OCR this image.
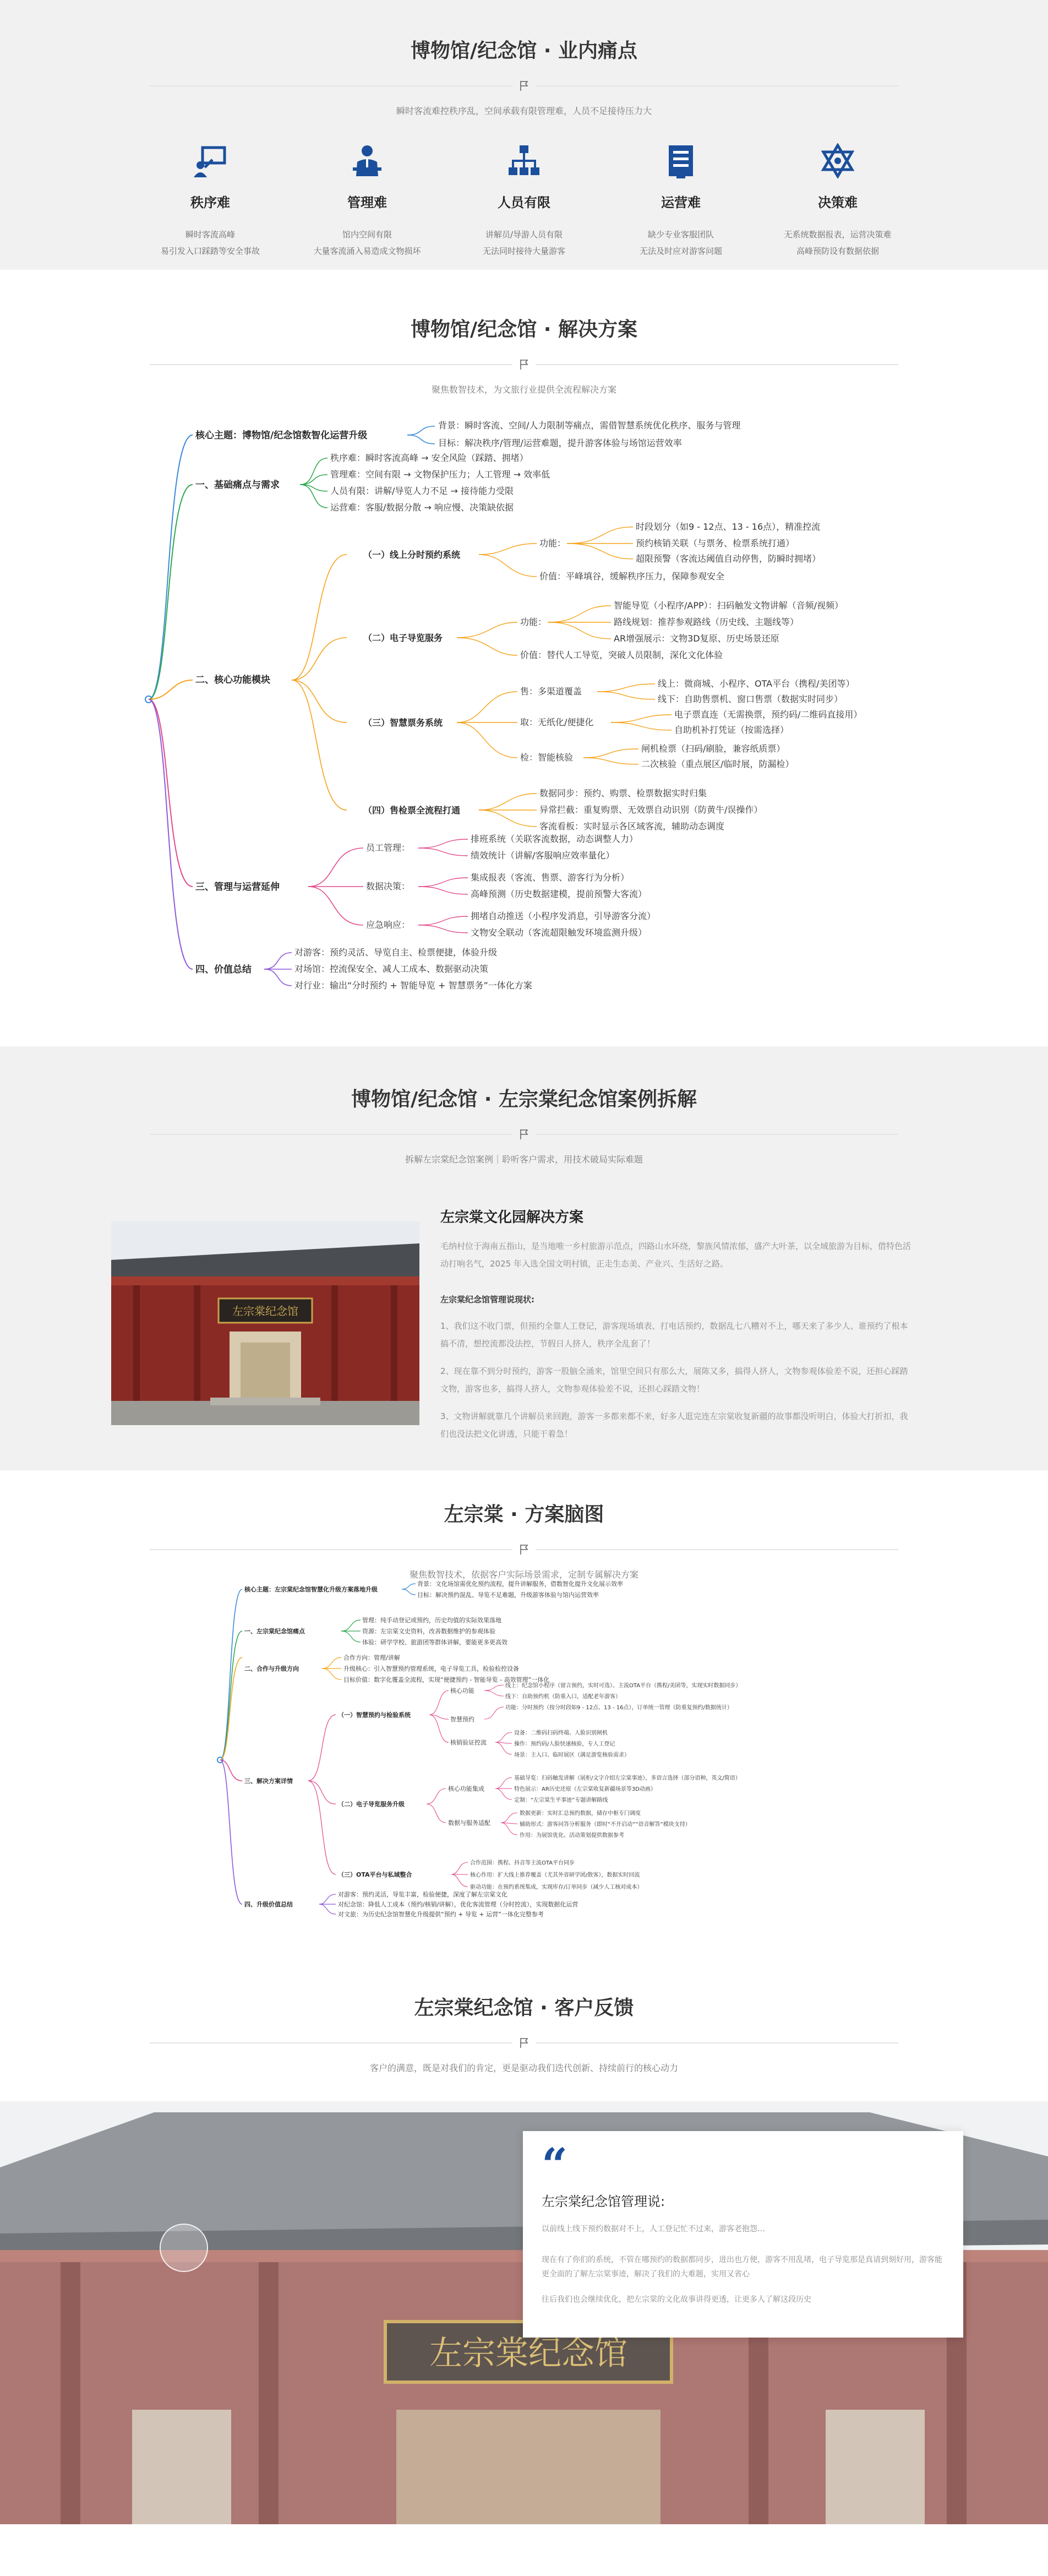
博物馆/纪念馆 · 业内痛点
瞬时客流难控秩序乱，空间承载有限管理难，人员不足接待压力大
秩序难
瞬时客流高峰
易引发入口踩踏等安全事故
管理难
馆内空间有限
大量客流涌入易造成文物损坏
人员有限
讲解员/导游人员有限
无法同时接待大量游客
运营难
缺少专业客服团队
无法及时应对游客问题
决策难
无系统数据报表，运营决策难
高峰预防设有数据依据
博物馆/纪念馆 · 解决方案
聚焦数智技术，为文旅行业提供全流程解决方案
核心主题：博物馆/纪念馆数智化运营升级
背景：瞬时客流、空间/人力限制等痛点，需借智慧系统优化秩序、服务与管理
目标：解决秩序/管理/运营难题，提升游客体验与场馆运营效率
一、基础痛点与需求
秩序难：瞬时客流高峰 → 安全风险（踩踏、拥堵）
管理难：空间有限 → 文物保护压力；人工管理 → 效率低
人员有限：讲解/导览人力不足 → 接待能力受限
运营难：客服/数据分散 → 响应慢、决策缺依据
二、核心功能模块
（一）线上分时预约系统
功能：
价值：平峰填谷，缓解秩序压力，保障参观安全
时段划分（如9 - 12点、13 - 16点），精准控流
预约核销关联（与票务、检票系统打通）
超限预警（客流达阈值自动停售，防瞬时拥堵）
（二）电子导览服务
功能：
价值：替代人工导览，突破人员限制，深化文化体验
智能导览（小程序/APP）：扫码触发文物讲解（音频/视频）
路线规划：推荐参观路线（历史线、主题线等）
AR增强展示：文物3D复原、历史场景还原
（三）智慧票务系统
售：多渠道覆盖
取：无纸化/便捷化
检：智能核验
线上：微商城、小程序、OTA平台（携程/美团等）
线下：自助售票机、窗口售票（数据实时同步）
电子票直连（无需换票，预约码/二维码直接用）
自助机补打凭证（按需选择）
闸机检票（扫码/刷脸，兼容纸质票）
二次核验（重点展区/临时展，防漏检）
（四）售检票全流程打通
数据同步：预约、购票、检票数据实时归集
异常拦截：重复购票、无效票自动识别（防黄牛/误操作）
客流看板：实时显示各区域客流，辅助动态调度
三、管理与运营延伸
员工管理：
数据决策：
应急响应：
排班系统（关联客流数据，动态调整人力）
绩效统计（讲解/客服响应效率量化）
集成报表（客流、售票、游客行为分析）
高峰预测（历史数据建模，提前预警大客流）
拥堵自动推送（小程序发消息，引导游客分流）
文物安全联动（客流超限触发环境监测升级）
四、价值总结
对游客：预约灵活、导览自主、检票便捷，体验升级
对场馆：控流保安全、减人工成本、数据驱动决策
对行业：输出“分时预约 + 智能导览 + 智慧票务”一体化方案
博物馆/纪念馆 · 左宗棠纪念馆案例拆解
拆解左宗棠纪念馆案例｜聆听客户需求，用技术破局实际难题
左宗棠纪念馆
左宗棠文化园解决方案
毛纳村位于海南五指山，是当地唯一乡村旅游示范点，四路山水环绕，黎族风情浓郁，盛产大叶茶，以全域旅游为目标，借特色活动打响名气，2025 年入选全国文明村镇，正走生态美、产业兴、生活好之路。
左宗棠纪念馆管理说现状:
1、我们这不收门票，但预约全靠人工登记，游客现场填表、打电话预约，数据乱七八糟对不上，哪天来了多少人、谁预约了根本搞不清，想控流都没法控，节假日人挤人，秩序全乱套了！
2、现在靠不到分时预约，游客一股脑全涌来，馆里空间只有那么大，展陈又多，搞得人挤人，文物参观体验差不说，还担心踩踏文物，游客也多，搞得人挤人，文物参观体验差不说，还担心踩踏文物！
3、文物讲解就靠几个讲解员来回跑，游客一多都来都不来，好多人逛完连左宗棠收复新疆的故事都没听明白，体验大打折扣，我们也没法把文化讲透，只能干着急！
左宗棠 · 方案脑图
聚焦数智技术，依据客户实际场景需求，定制专属解决方案
核心主题：左宗棠纪念馆智慧化升级方案落地升级
背景：文化场馆需优化预约流程，提升讲解服务，借数智化提升文化展示效率
目标：解决预约混乱、导览不足难题，升级游客体验与馆内运营效率
一、左宗棠纪念馆痛点
管理：纯手动登记或预约，历史均值的实际效果落地
资源：左宗棠文史资料，改善数据维护的参观体验
体验：研学学校、旅游团等群体讲解，要能更多更高效
二、合作与升级方向
合作方向：管理/讲解
升级核心：引入智慧预约管理系统，电子导览工具，检验检控设备
目标价值：数字化覆盖全流程，实现“便捷预约 - 智能导览 - 高效管理”一体化
三、解决方案详情
（一）智慧预约与检验系统
核心功能
智慧预约
核销验证控流
线上：纪念馆小程序（留言预约，实时可选）、主流OTA平台（携程/美团等，实现实时数据同步）
线下：自助预约机（防重入口，适配老年游客）
功能：分时预约（按分时段如9 - 12点、13 - 16点），订单统一管理（防重复预约/数据统计）
设备：二维码扫码终端、人脸识别闸机
操作：预约码/人脸快速核验，专人工登记
场景：主入口、临时展区（满足游览核验需求）
（二）电子导览服务升级
核心功能集成
数据与服务适配
基础导览：扫码触发讲解（展柜/文字介绍左宗棠事迹），多语言选择（部分语种，英文/简语）
特色展示：AR历史还原（左宗棠收复新疆场景等3D动画）
定制：“左宗棠生平事迹”专题讲解路线
数据更新：实时汇总预约数据，储存中枢专门调度
辅助形式：游客问答分析服务（即时“不开启动”“语音解答”模块支持）
作用：为展馆优化、活动策划提供数据参考
（三）OTA平台与私域整合
合作范围：携程、抖音等主流OTA平台同步
核心作用：扩大线上推荐覆盖（尤其外省研学团/散客），数据实时回流
驱动功能：在预约系统集成，实现库存/订单同步（减少人工核对成本）
四、升级价值总结
对游客：预约灵活，导览丰富，检验便捷，深度了解左宗棠文化
对纪念馆：降低人工成本（预约/核销/讲解），优化客流管理（分时控流），实现数据化运营
对文旅：为历史纪念馆智慧化升级提供“预约 + 导览 + 运营”一体化完整参考
左宗棠纪念馆 · 客户反馈
客户的满意，既是对我们的肯定，更是驱动我们迭代创新、持续前行的核心动力
“
左宗棠纪念馆管理说:
以前线上线下预约数据对不上，人工登记忙不过来，游客老抱怨…
现在有了你们的系统，不管在哪预约的数据都同步，进出也方便，游客不用乱堵，电子导览那是真请到刻好用，游客能更全面的了解左宗棠事迹，解决了我们的大难题，实用又省心
往后我们也会继续优化，把左宗棠的文化故事讲得更透，让更多人了解这段历史
